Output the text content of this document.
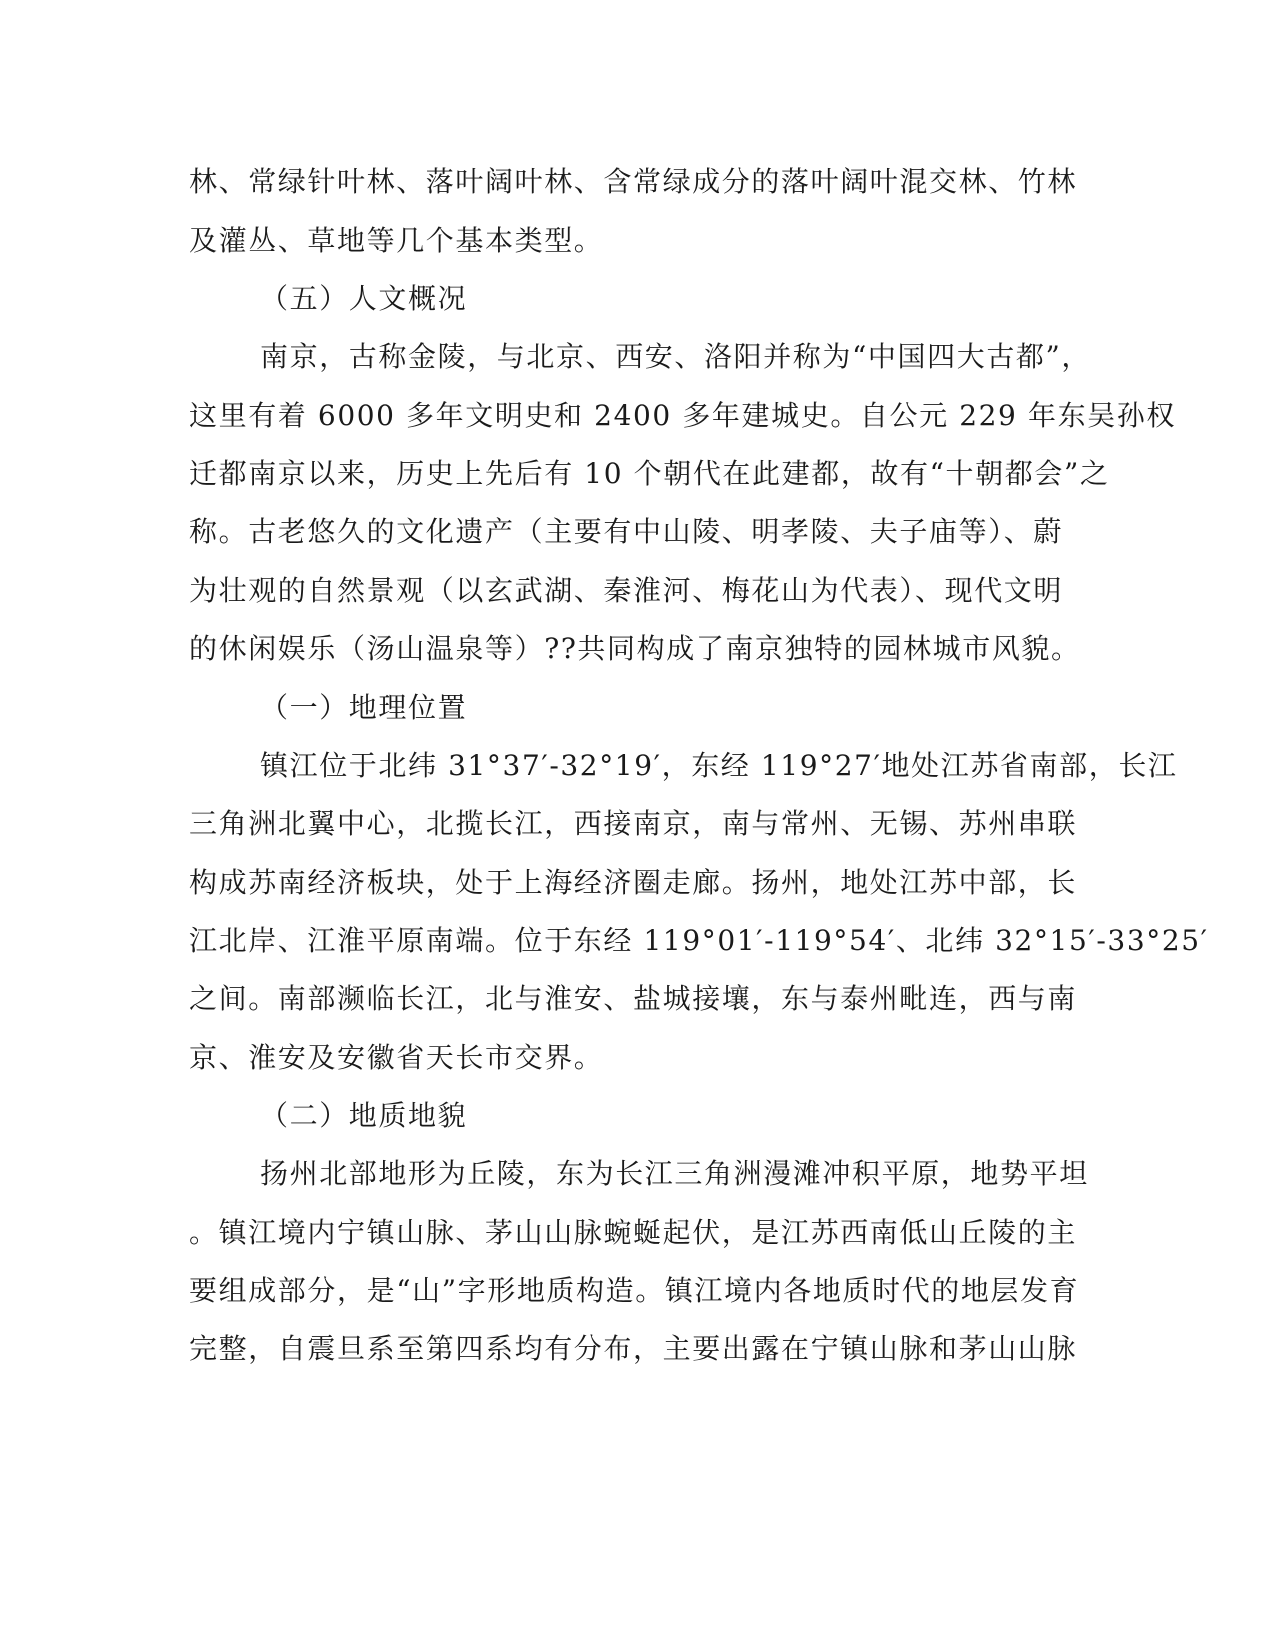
林、常绿针叶林、落叶阔叶林、含常绿成分的落叶阔叶混交林、竹林
及灌丛、草地等几个基本类型。
（五）人文概况
南京，古称金陵，与北京、西安、洛阳并称为“中国四大古都”，
这里有着 6000 多年文明史和 2400 多年建城史。自公元 229 年东吴孙权
迁都南京以来，历史上先后有 10 个朝代在此建都，故有“十朝都会”之
称。古老悠久的文化遗产（主要有中山陵、明孝陵、夫子庙等）、蔚
为壮观的自然景观（以玄武湖、秦淮河、梅花山为代表）、现代文明
的休闲娱乐（汤山温泉等）??共同构成了南京独特的园林城市风貌。
（一）地理位置
镇江位于北纬 31°37′-32°19′，东经 119°27′地处江苏省南部，长江
三角洲北翼中心，北揽长江，西接南京，南与常州、无锡、苏州串联
构成苏南经济板块，处于上海经济圈走廊。扬州，地处江苏中部，长
江北岸、江淮平原南端。位于东经 119°01′-119°54′、北纬 32°15′-33°25′
之间。南部濒临长江，北与淮安、盐城接壤，东与泰州毗连，西与南
京、淮安及安徽省天长市交界。
（二）地质地貌
扬州北部地形为丘陵，东为长江三角洲漫滩冲积平原，地势平坦
。镇江境内宁镇山脉、茅山山脉蜿蜒起伏，是江苏西南低山丘陵的主
要组成部分，是“山”字形地质构造。镇江境内各地质时代的地层发育
完整，自震旦系至第四系均有分布，主要出露在宁镇山脉和茅山山脉
